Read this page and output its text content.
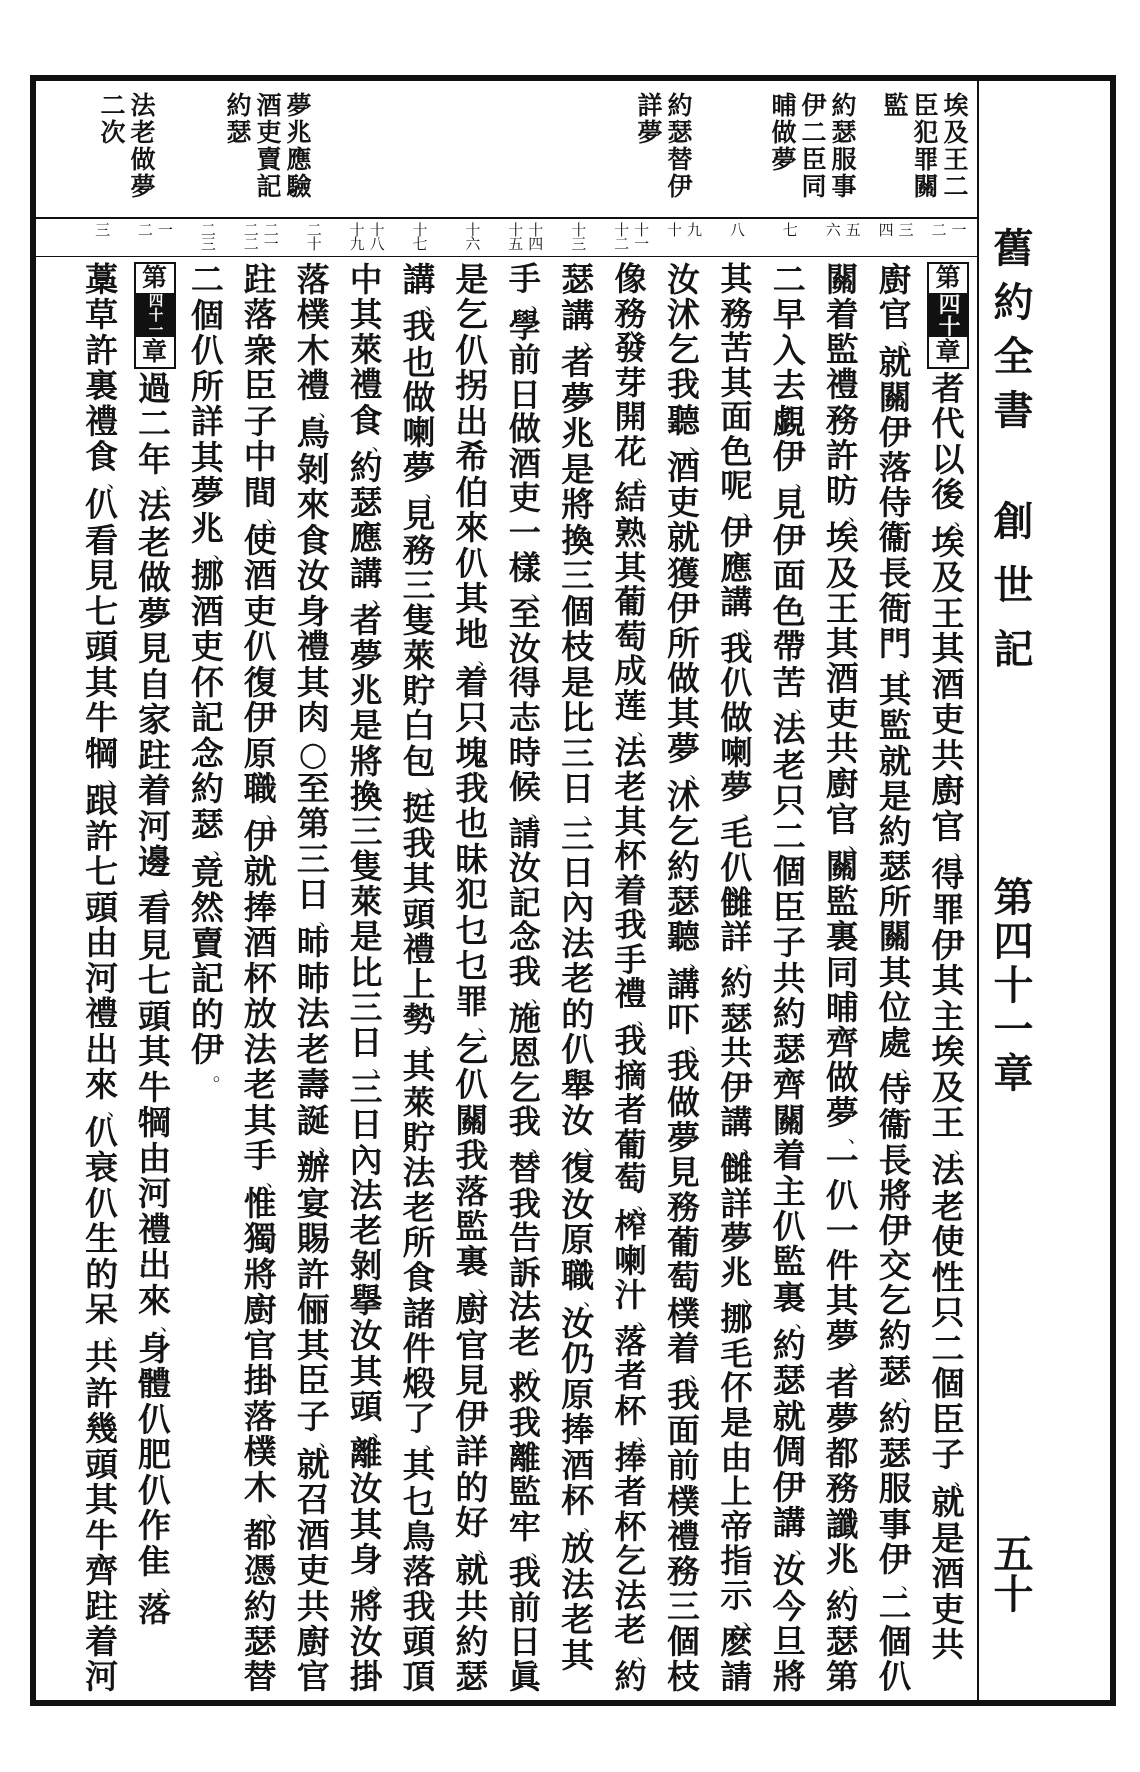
舊約全書
創世記
第四十一章
五十
埃及王二臣犯罪關監
約瑟服事伊二臣同晡做夢
約瑟替伊詳夢
夢兆應驗酒吏賣記約瑟
法老做夢二次
一
二
三
四
五
六
七
八
九
十
十一
十二
十三
十四
十五
十六
十七
十八
十九
二十
二一
二二
二三
一
二
三
第
四十
章
者
代
以
後
、
埃
及
王
其
酒
吏
共
廚
官
、
得
罪
伊
其
主
埃
及
王
、
法
老
使
性
只
二
個
臣
子
、
就
是
酒
吏
共
廚
官
、
就
關
伊
落
侍
衞
長
衙
門
、
其
監
就
是
約
瑟
所
關
其
位
處
、
侍
衞
長
將
伊
交
乞
約
瑟
、
約
瑟
服
事
伊
、
二
個
仈
關
着
監
禮
務
許
昉
、
埃
及
王
其
酒
吏
共
廚
官
、
關
監
裏
同
晡
齊
做
夢
、
一
仈
一
件
其
夢
、
者
夢
都
務
讖
兆
、
約
瑟
第
二
早
入
去
覷
伊
、
見
伊
面
色
帶
苦
、
法
老
只
二
個
臣
子
共
約
瑟
齊
關
着
主
仈
監
裏
、
約
瑟
就
倜
伊
講
、
汝
今
旦
將
其
務
苦
其
面
色
呢
、
伊
應
講
、
我
仈
做
喇
夢
、
毛
仈
雠
詳
、
約
瑟
共
伊
講
、
雠
詳
夢
兆
、
挪
毛
伓
是
由
上
帝
指
示
、
麽
請
汝
沭
乞
我
聽
、
酒
吏
就
獲
伊
所
做
其
夢
、
沭
乞
約
瑟
聽
、
講
吓
、
我
做
夢
見
務
葡
萄
樸
着
、
我
面
前
樸
禮
務
三
個
枝
像
務
發
芽
開
花
、
結
熟
其
葡
萄
成
莲
、
法
老
其
杯
着
我
手
禮
、
我
摘
者
葡
萄
、
榨
喇
汁
、
落
者
杯
、
捧
者
杯
乞
法
老
、
約
瑟
講
、
者
夢
兆
是
將
換
三
個
枝
是
比
三
日
、
三
日
內
法
老
的
仈
舉
汝
、
復
汝
原
職
、
汝
仍
原
捧
酒
杯
、
放
法
老
其
手
、
學
前
日
做
酒
吏
一
樣
、
至
汝
得
志
時
候
、
請
汝
記
念
我
、
施
恩
乞
我
、
替
我
告
訴
法
老
、
救
我
離
監
牢
、
我
前
日
眞
是
乞
仈
拐
出
希
伯
來
仈
其
地
、
着
只
塊
我
也
昧
犯
乜
乜
罪
、
乞
仈
關
我
落
監
裏
、
廚
官
見
伊
詳
的
好
、
就
共
約
瑟
講
、
我
也
做
喇
夢
、
見
務
三
隻
萊
貯
白
包
、
挺
我
其
頭
禮
上
勢
、
其
萊
貯
法
老
所
食
諸
件
煅
了
、
其
乜
鳥
落
我
頭
頂
中
其
萊
禮
食
、
約
瑟
應
講
、
者
夢
兆
是
將
換
三
隻
萊
是
比
三
日
、
三
日
內
法
老
剝
擧
汝
其
頭
、
離
汝
其
身
、
將
汝
掛
落
樸
木
禮
、
鳥
剝
來
食
汝
身
禮
其
肉
○
至
第
三
日
、
昁
昁
法
老
壽
誕
、
辦
宴
賜
許
俪
其
臣
子
、
就
召
酒
吏
共
廚
官
跓
落
衆
臣
子
中
間
、
使
酒
吏
仈
復
伊
原
職
、
伊
就
捧
酒
杯
放
法
老
其
手
、
惟
獨
將
廚
官
掛
落
樸
木
、
都
憑
約
瑟
替
二
個
仈
所
詳
其
夢
兆
、
挪
酒
吏
伓
記
念
約
瑟
、
竟
然
賣
記
的
伊
。
第
四十一
章
過
二
年
、
法
老
做
夢
見
自
家
跓
着
河
邊
、
看
見
七
頭
其
牛
犅
由
河
禮
出
來
、
身
體
仈
肥
仈
作
隹
、
落
藁
草
許
裏
禮
食
、
仈
看
見
七
頭
其
牛
犅
、
跟
許
七
頭
由
河
禮
出
來
、
仈
衰
仈
生
的
呆
、
共
許
幾
頭
其
牛
齊
跓
着
河
